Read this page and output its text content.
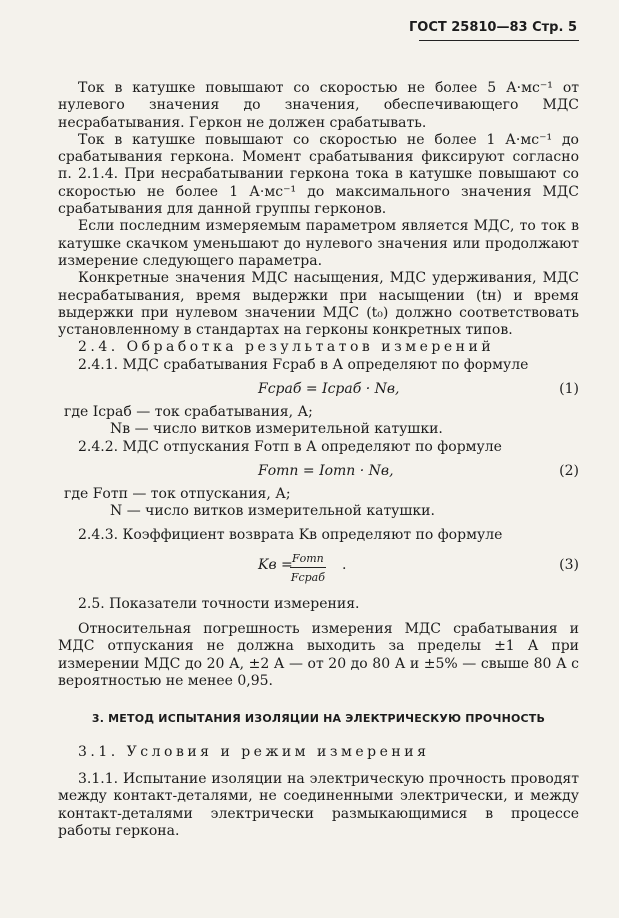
ГОСТ 25810—83 Стр. 5

Ток в катушке повышают со скоростью не более 5 А·мс⁻¹ от нулевого значения до значения, обеспечивающего МДС несрабатывания. Геркон не должен срабатывать.

Ток в катушке повышают со скоростью не более 1 А·мс⁻¹ до срабатывания геркона. Момент срабатывания фиксируют согласно п. 2.1.4. При несрабатывании геркона тока в катушке повышают со скоростью не более 1 А·мс⁻¹ до максимального значения МДС срабатывания для данной группы герконов.

Если последним измеряемым параметром является МДС, то ток в катушке скачком уменьшают до нулевого значения или продолжают измерение следующего параметра.

Конкретные значения МДС насыщения, МДС удерживания, МДС несрабатывания, время выдержки при насыщении (tн) и время выдержки при нулевом значении МДС (t₀) должно соответствовать установленному в стандартах на герконы конкретных типов.

2.4. Обработка результатов измерений

2.4.1. МДС срабатывания Fсраб в А определяют по формуле

Fсраб = Iсраб · Nв,	(1)

где Iсраб — ток срабатывания, А;

Nв — число витков измерительной катушки.

2.4.2. МДС отпускания Fотп в А определяют по формуле

Fотп = Iотп · Nв,	(2)

где Fотп — ток отпускания, А;

N — число витков измерительной катушки.

2.4.3. Коэффициент возврата Kв определяют по формуле

Kв = Fотп
Fсраб
.	(3)

2.5. Показатели точности измерения.

Относительная погрешность измерения МДС срабатывания и МДС отпускания не должна выходить за пределы ±1 А при измерении МДС до 20 А, ±2 А — от 20 до 80 А и ±5% — свыше 80 А с вероятностью не менее 0,95.

3. МЕТОД ИСПЫТАНИЯ ИЗОЛЯЦИИ НА ЭЛЕКТРИЧЕСКУЮ ПРОЧНОСТЬ

3.1. Условия и режим измерения

3.1.1. Испытание изоляции на электрическую прочность проводят между контакт-деталями, не соединенными электрически, и между контакт-деталями электрически размыкающимися в процессе работы геркона.
